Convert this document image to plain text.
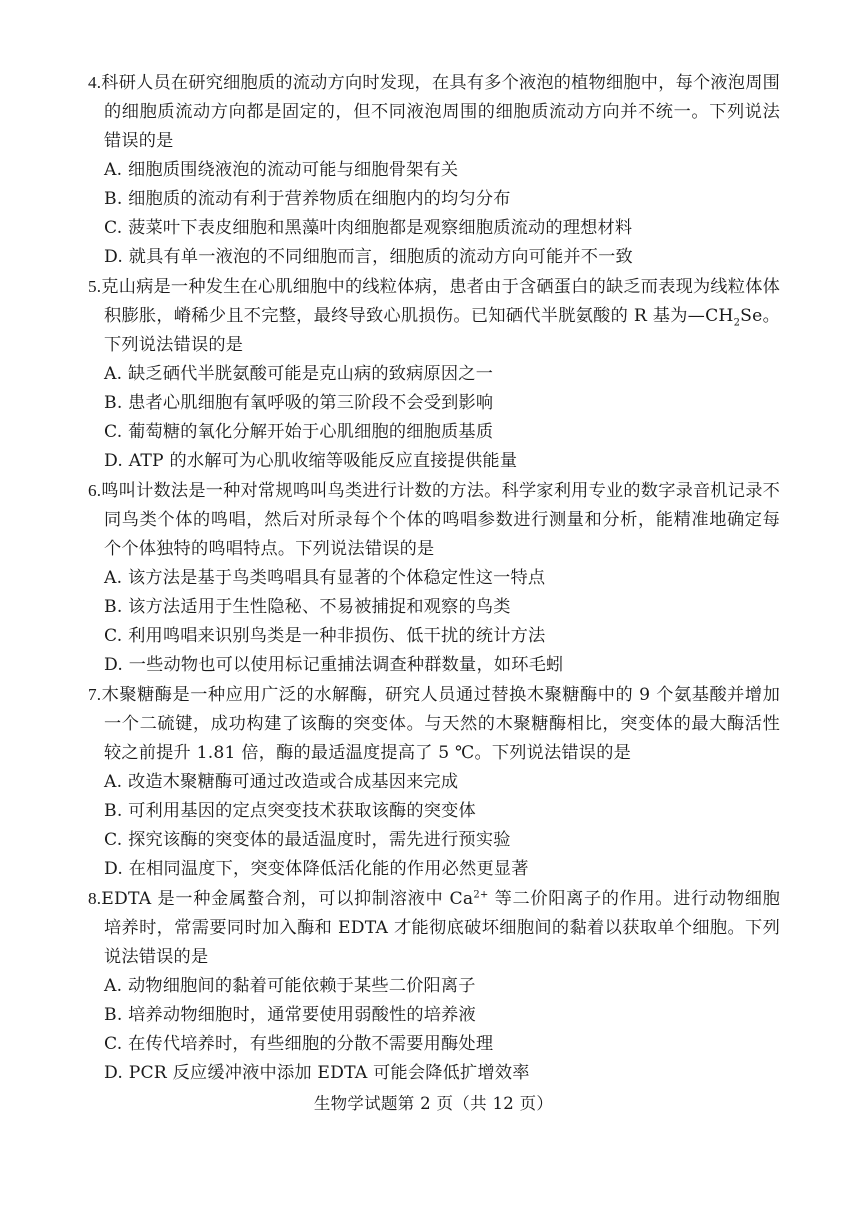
4.科研人员在研究细胞质的流动方向时发现，在具有多个液泡的植物细胞中，每个液泡周围的细胞质流动方向都是固定的，但不同液泡周围的细胞质流动方向并不统一。下列说法错误的是

A. 细胞质围绕液泡的流动可能与细胞骨架有关

B. 细胞质的流动有利于营养物质在细胞内的均匀分布

C. 菠菜叶下表皮细胞和黑藻叶肉细胞都是观察细胞质流动的理想材料

D. 就具有单一液泡的不同细胞而言，细胞质的流动方向可能并不一致

5.克山病是一种发生在心肌细胞中的线粒体病，患者由于含硒蛋白的缺乏而表现为线粒体体积膨胀，嵴稀少且不完整，最终导致心肌损伤。已知硒代半胱氨酸的 R 基为$—CH_2Se$。下列说法错误的是

A. 缺乏硒代半胱氨酸可能是克山病的致病原因之一

B. 患者心肌细胞有氧呼吸的第三阶段不会受到影响

C. 葡萄糖的氧化分解开始于心肌细胞的细胞质基质

D. ATP 的水解可为心肌收缩等吸能反应直接提供能量

6.鸣叫计数法是一种对常规鸣叫鸟类进行计数的方法。科学家利用专业的数字录音机记录不同鸟类个体的鸣唱，然后对所录每个个体的鸣唱参数进行测量和分析，能精准地确定每个个体独特的鸣唱特点。下列说法错误的是

A. 该方法是基于鸟类鸣唱具有显著的个体稳定性这一特点

B. 该方法适用于生性隐秘、不易被捕捉和观察的鸟类

C. 利用鸣唱来识别鸟类是一种非损伤、低干扰的统计方法

D. 一些动物也可以使用标记重捕法调查种群数量，如环毛蚓

7.木聚糖酶是一种应用广泛的水解酶，研究人员通过替换木聚糖酶中的 9 个氨基酸并增加一个二硫键，成功构建了该酶的突变体。与天然的木聚糖酶相比，突变体的最大酶活性较之前提升 1.81 倍，酶的最适温度提高了 5 ℃。下列说法错误的是

A. 改造木聚糖酶可通过改造或合成基因来完成

B. 可利用基因的定点突变技术获取该酶的突变体

C. 探究该酶的突变体的最适温度时，需先进行预实验

D. 在相同温度下，突变体降低活化能的作用必然更显著

8.EDTA 是一种金属螯合剂，可以抑制溶液中 $Ca^{2+}$ 等二价阳离子的作用。进行动物细胞培养时，常需要同时加入酶和 EDTA 才能彻底破坏细胞间的黏着以获取单个细胞。下列说法错误的是

A. 动物细胞间的黏着可能依赖于某些二价阳离子

B. 培养动物细胞时，通常要使用弱酸性的培养液

C. 在传代培养时，有些细胞的分散不需要用酶处理

D. PCR 反应缓冲液中添加 EDTA 可能会降低扩增效率

生物学试题第 2 页（共 12 页）
